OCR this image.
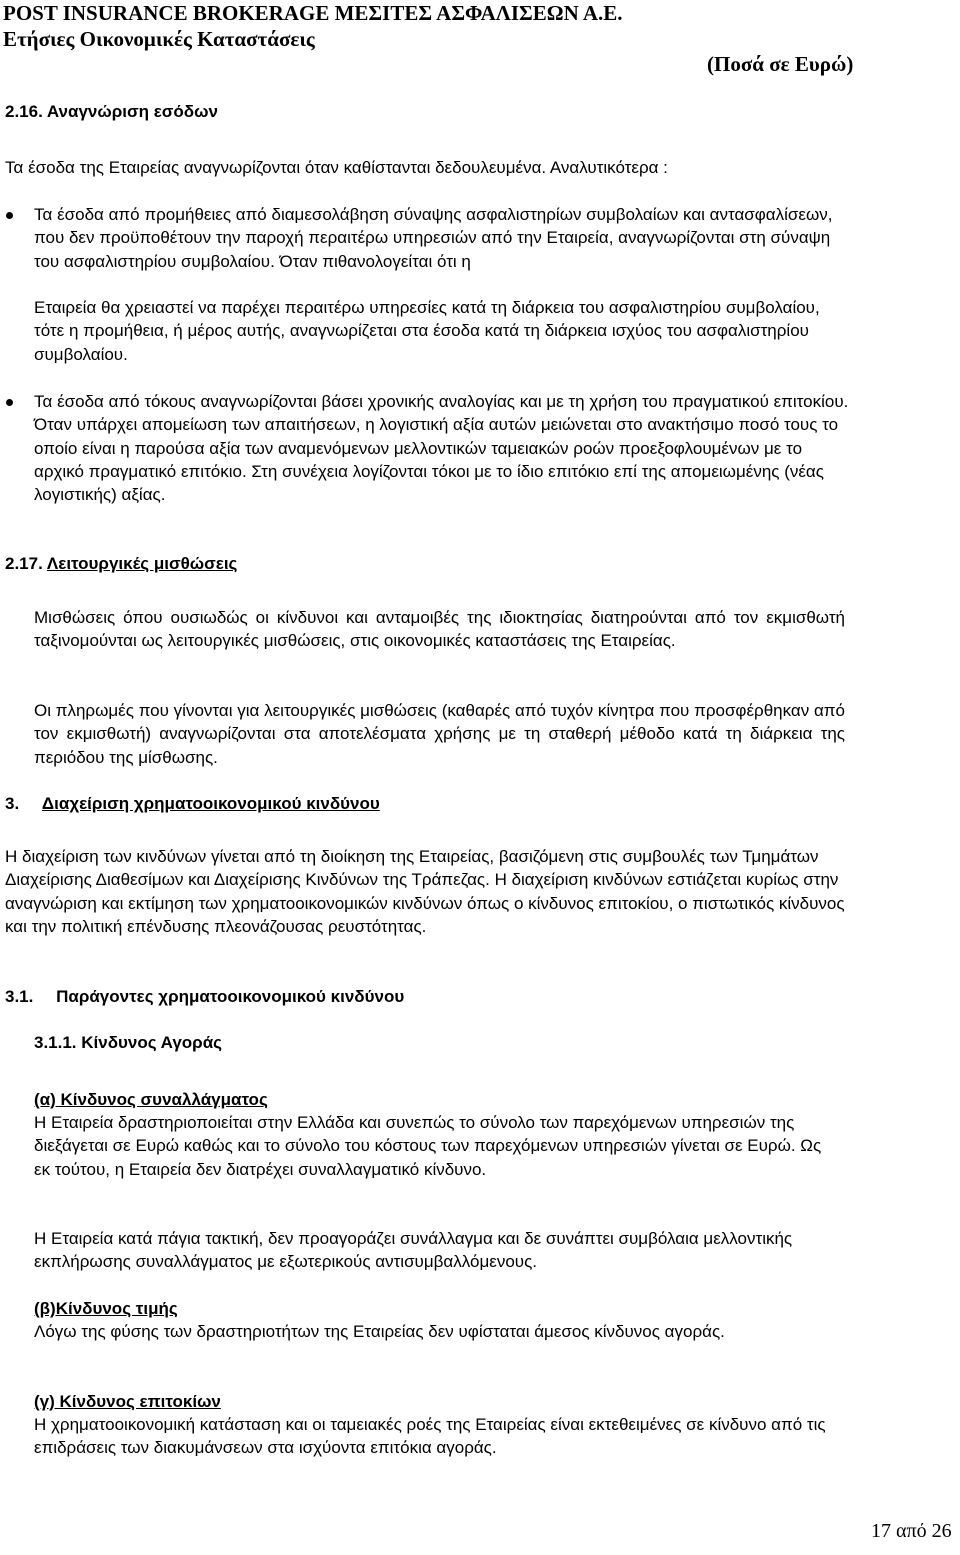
POST INSURANCE BROKERAGE ΜΕΣΙΤΕΣ ΑΣΦΑΛΙΣΕΩΝ Α.Ε.
Ετήσιες Οικονομικές Καταστάσεις
(Ποσά σε Ευρώ)
2.16. Αναγνώριση εσόδων
Τα έσοδα της Εταιρείας αναγνωρίζονται όταν καθίστανται δεδουλευμένα. Αναλυτικότερα :

Τα έσοδα από προμήθειες από διαμεσολάβηση σύναψης ασφαλιστηρίων συμβολαίων και αντασφαλίσεων, που δεν προϋποθέτουν την παροχή περαιτέρω υπηρεσιών από την Εταιρεία, αναγνωρίζονται στη σύναψη του ασφαλιστηρίου συμβολαίου. Όταν πιθανολογείται ότι η

Εταιρεία θα χρειαστεί να παρέχει περαιτέρω υπηρεσίες κατά τη διάρκεια του ασφαλιστηρίου συμβολαίου, τότε η προμήθεια, ή μέρος αυτής, αναγνωρίζεται στα έσοδα κατά τη διάρκεια ισχύος του ασφαλιστηρίου συμβολαίου.

Τα έσοδα από τόκους αναγνωρίζονται βάσει χρονικής αναλογίας και με τη χρήση του πραγματικού επιτοκίου. Όταν υπάρχει απομείωση των απαιτήσεων, η λογιστική αξία αυτών μειώνεται στο ανακτήσιμο ποσό τους το οποίο είναι η παρούσα αξία των αναμενόμενων μελλοντικών ταμειακών ροών προεξοφλουμένων με το αρχικό πραγματικό επιτόκιο. Στη συνέχεια λογίζονται τόκοι με το ίδιο επιτόκιο επί της απομειωμένης (νέας λογιστικής) αξίας.

2.17. Λειτουργικές μισθώσεις

Μισθώσεις όπου ουσιωδώς οι κίνδυνοι και ανταμοιβές της ιδιοκτησίας διατηρούνται από τον εκμισθωτή ταξινομούνται ως λειτουργικές μισθώσεις, στις οικονομικές καταστάσεις της Εταιρείας.

Οι πληρωμές που γίνονται για λειτουργικές μισθώσεις (καθαρές από τυχόν κίνητρα που προσφέρθηκαν από τον εκμισθωτή) αναγνωρίζονται στα αποτελέσματα χρήσης με τη σταθερή μέθοδο κατά τη διάρκεια της περιόδου της μίσθωσης.

3. Διαχείριση χρηματοοικονομικού κινδύνου

Η διαχείριση των κινδύνων γίνεται από τη διοίκηση της Εταιρείας, βασιζόμενη στις συμβουλές των Τμημάτων Διαχείρισης Διαθεσίμων και Διαχείρισης Κινδύνων της Τράπεζας. Η διαχείριση κινδύνων εστιάζεται κυρίως στην αναγνώριση και εκτίμηση των χρηματοοικονομικών κινδύνων όπως ο κίνδυνος επιτοκίου, ο πιστωτικός κίνδυνος και την πολιτική επένδυσης πλεονάζουσας ρευστότητας.

3.1. Παράγοντες χρηματοοικονομικού κινδύνου
3.1.1. Κίνδυνος Αγοράς
(α) Κίνδυνος συναλλάγματος

Η Εταιρεία δραστηριοποιείται στην Ελλάδα και συνεπώς το σύνολο των παρεχόμενων υπηρεσιών της διεξάγεται σε Ευρώ καθώς και το σύνολο του κόστους των παρεχόμενων υπηρεσιών γίνεται σε Ευρώ. Ως εκ τούτου, η Εταιρεία δεν διατρέχει συναλλαγματικό κίνδυνο.

Η Εταιρεία κατά πάγια τακτική, δεν προαγοράζει συνάλλαγμα και δε συνάπτει συμβόλαια μελλοντικής εκπλήρωσης συναλλάγματος με εξωτερικούς αντισυμβαλλόμενους.

(β)Κίνδυνος τιμής

Λόγω της φύσης των δραστηριοτήτων της Εταιρείας δεν υφίσταται άμεσος κίνδυνος αγοράς.

(γ) Κίνδυνος επιτοκίων

Η χρηματοοικονομική κατάσταση και οι ταμειακές ροές της Εταιρείας είναι εκτεθειμένες σε κίνδυνο από τις επιδράσεις των διακυμάνσεων στα ισχύοντα επιτόκια αγοράς.

17 από 26
